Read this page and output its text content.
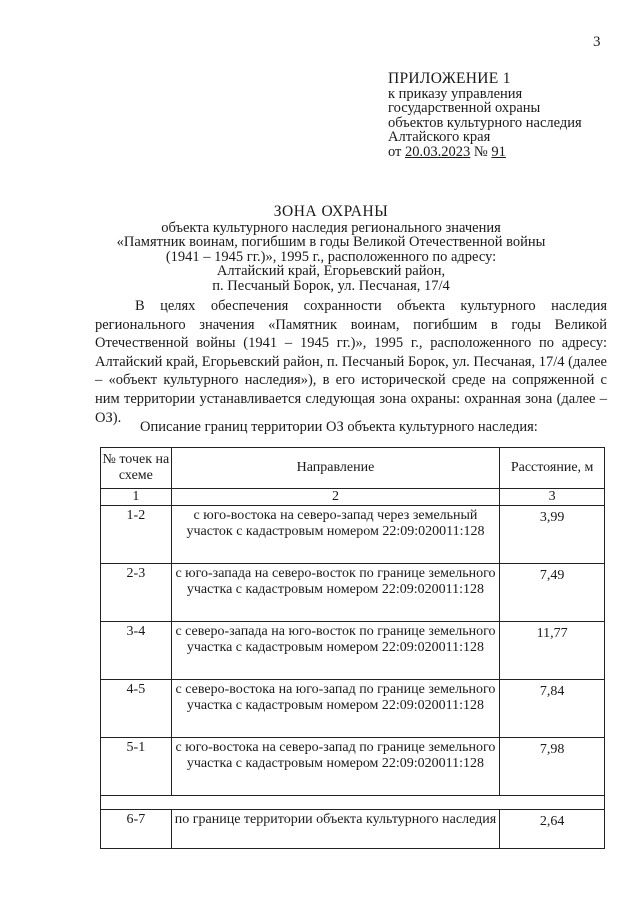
3
ПРИЛОЖЕНИЕ 1
к приказу управления
государственной охраны
объектов культурного наследия
Алтайского края
от 20.03.2023 № 91
ЗОНА ОХРАНЫ
объекта культурного наследия регионального значения
«Памятник воинам, погибшим в годы Великой Отечественной войны
(1941 – 1945 гг.)», 1995 г., расположенного по адресу:
Алтайский край, Егорьевский район,
п. Песчаный Борок, ул. Песчаная, 17/4

В целях обеспечения сохранности объекта культурного наследия регионального значения «Памятник воинам, погибшим в годы Великой Отечественной войны (1941 – 1945 гг.)», 1995 г., расположенного по адресу: Алтайский край, Егорьевский район, п. Песчаный Борок, ул. Песчаная, 17/4 (далее – «объект культурного наследия»), в его исторической среде на сопряженной с ним территории устанавливается следующая зона охраны: охранная зона (далее – ОЗ).

Описание границ территории ОЗ объекта культурного наследия:
№ точек на схеме	Направление	Расстояние, м
1	2	3
1-2	с юго-востока на северо-запад через земельный участок с кадастровым номером 22:09:020011:128	3,99
2-3	с юго-запада на северо-восток по границе земельного участка с кадастровым номером 22:09:020011:128	7,49
3-4	с северо-запада на юго-восток по границе земельного участка с кадастровым номером 22:09:020011:128	11,77
4-5	с северо-востока на юго-запад по границе земельного участка с кадастровым номером 22:09:020011:128	7,84
5-1	с юго-востока на северо-запад по границе земельного участка с кадастровым номером 22:09:020011:128	7,98

6-7	по границе территории объекта культурного наследия	2,64
